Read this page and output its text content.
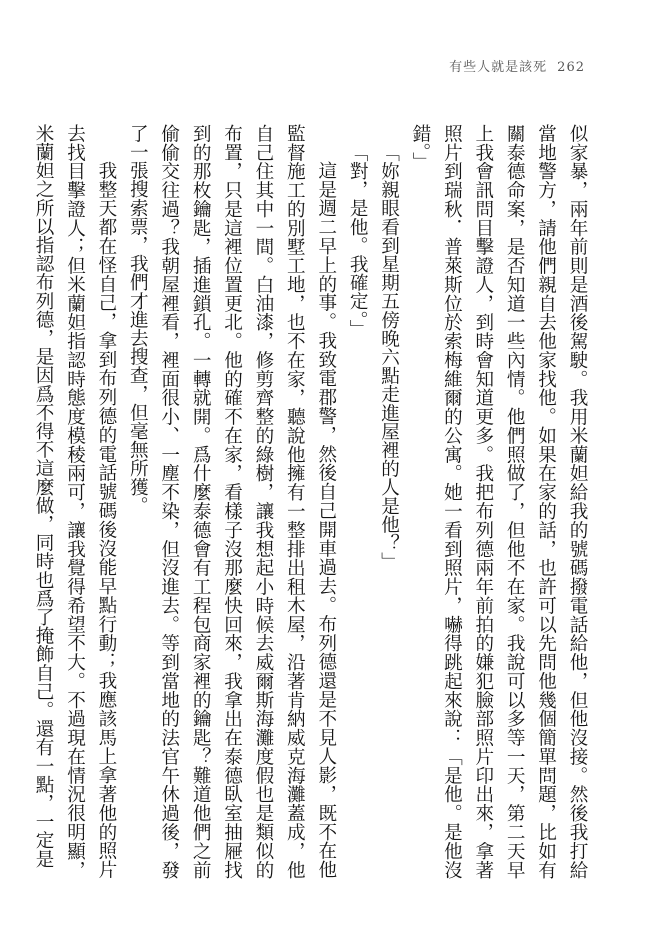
有些人就是該死 262

似家暴，兩年前則是酒後駕駛。我用米蘭妲給我的號碼撥電話給他，但他沒接。然後我打給當地警方，請他們親自去他家找他。如果在家的話，也許可以先問他幾個簡單問題，比如有關泰德命案，是否知道一些內情。他們照做了，但他不在家。我說可以多等一天，第二天早上我會訊問目擊證人，到時會知道更多。我把布列德兩年前拍的嫌犯臉部照片印出來，拿著照片到瑞秋．普萊斯位於索梅維爾的公寓。她一看到照片，嚇得跳起來說：「是他。是他沒錯。」

「妳親眼看到星期五傍晚六點走進屋裡的人是他？」

「對，是他。我確定。」

這是週二早上的事。我致電郡警，然後自己開車過去。布列德還是不見人影，既不在他監督施工的別墅工地，也不在家，聽說他擁有一整排出租木屋，沿著肯納威克海灘蓋成，他自己住其中一間。白油漆，修剪齊整的綠樹，讓我想起小時候去威爾斯海灘度假也是類似的布置，只是這裡位置更北。他的確不在家，看樣子沒那麼快回來，我拿出在泰德臥室抽屜找到的那枚鑰匙，插進鎖孔。一轉就開。爲什麼泰德會有工程包商家裡的鑰匙？難道他們之前偷偷交往過？我朝屋裡看，裡面很小、一塵不染，但沒進去。等到當地的法官午休過後，發了一張搜索票，我們才進去搜查，但毫無所獲。

我整天都在怪自己，拿到布列德的電話號碼後沒能早點行動；我應該馬上拿著他的照片去找目擊證人；但米蘭妲指認時態度模稜兩可，讓我覺得希望不大。不過現在情況很明顯，米蘭妲之所以指認布列德，是因爲不得不這麼做，同時也爲了掩飾自己。還有一點，一定是
